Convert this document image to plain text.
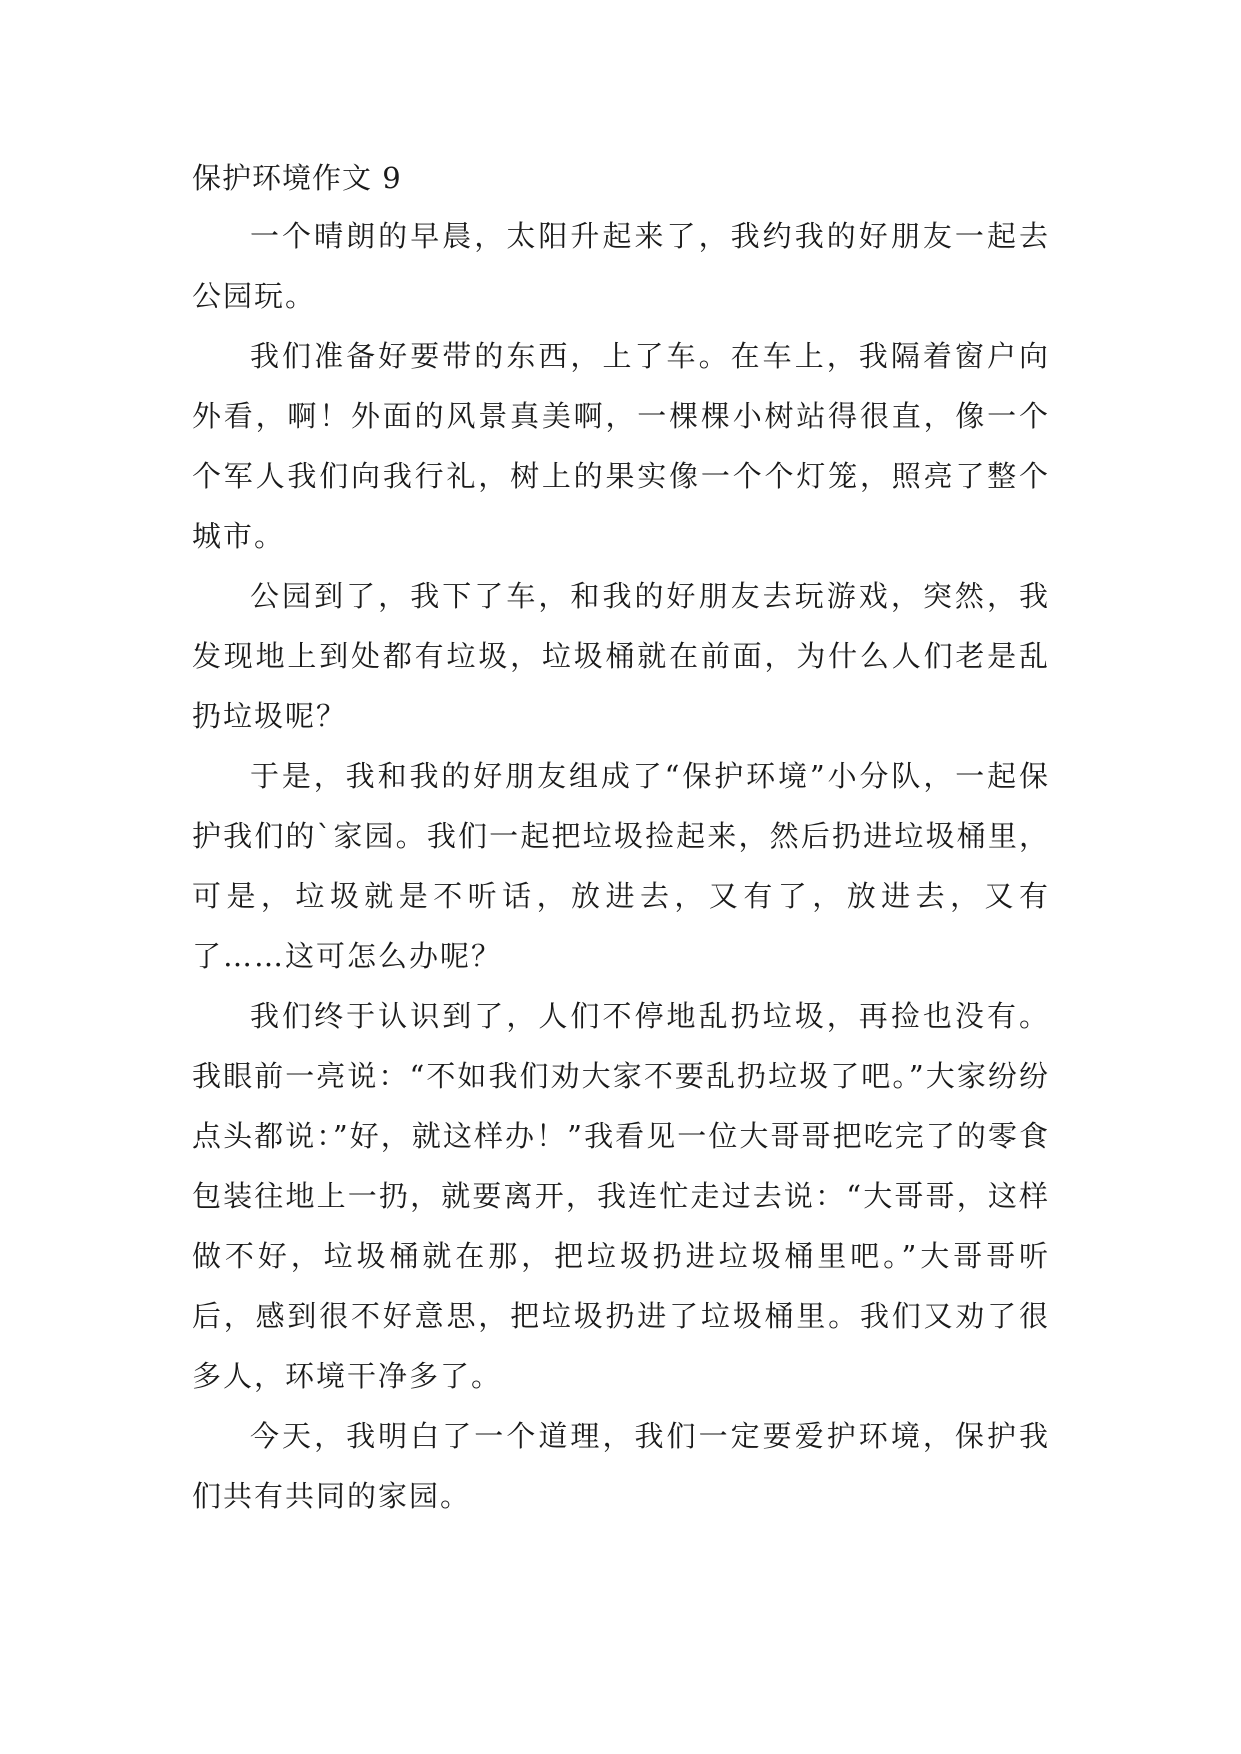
保护环境作文 9

一个晴朗的早晨，太阳升起来了，我约我的好朋友一起去公园玩。

我们准备好要带的东西，上了车。在车上，我隔着窗户向外看，啊！外面的风景真美啊，一棵棵小树站得很直，像一个个军人我们向我行礼，树上的果实像一个个灯笼，照亮了整个城市。

公园到了，我下了车，和我的好朋友去玩游戏，突然，我发现地上到处都有垃圾，垃圾桶就在前面，为什么人们老是乱扔垃圾呢？

于是，我和我的好朋友组成了“保护环境”小分队，一起保护我们的`家园。我们一起把垃圾捡起来，然后扔进垃圾桶里，可是，垃圾就是不听话，放进去，又有了，放进去，又有了……这可怎么办呢？

我们终于认识到了，人们不停地乱扔垃圾，再捡也没有。我眼前一亮说：“不如我们劝大家不要乱扔垃圾了吧。”大家纷纷点头都说：”好，就这样办！”我看见一位大哥哥把吃完了的零食包装往地上一扔，就要离开，我连忙走过去说：“大哥哥，这样做不好，垃圾桶就在那，把垃圾扔进垃圾桶里吧。”大哥哥听后，感到很不好意思，把垃圾扔进了垃圾桶里。我们又劝了很多人，环境干净多了。

今天，我明白了一个道理，我们一定要爱护环境，保护我们共有共同的家园。
